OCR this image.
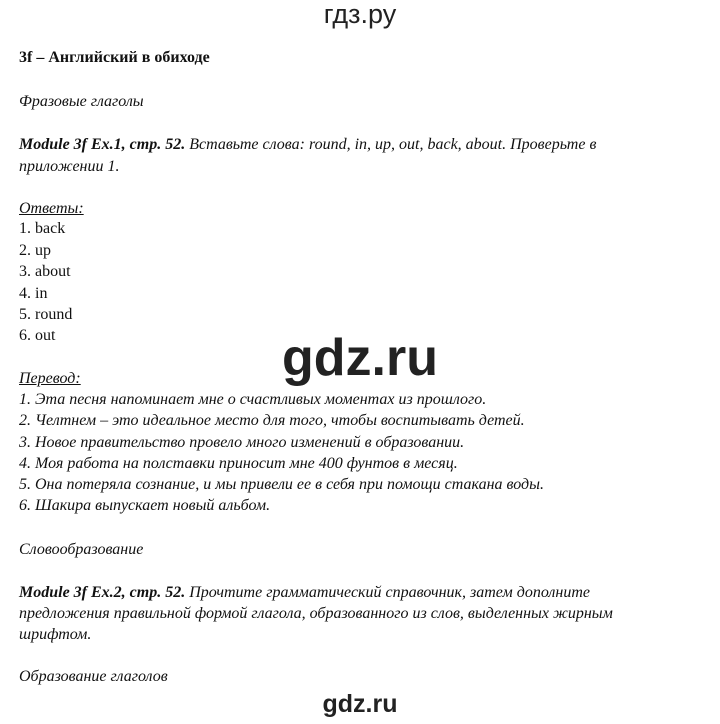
гдз.ру
3f – Английский в обиходе
Фразовые глаголы
Module 3f Ex.1, стр. 52. Вставьте слова: round, in, up, out, back, about. Проверьте в
приложении 1.
Ответы:
1. back
2. up
3. about
4. in
5. round
6. out	gdz.ru
Перевод:
1. Эта песня напоминает мне о счастливых моментах из прошлого.
2. Челтнем – это идеальное место для того, чтобы воспитывать детей.
3. Новое правительство провело много изменений в образовании.
4. Моя работа на полставки приносит мне 400 фунтов в месяц.
5. Она потеряла сознание, и мы привели ее в себя при помощи стакана воды.
6. Шакира выпускает новый альбом.
Словообразование
Module 3f Ex.2, стр. 52. Прочтите грамматический справочник, затем дополните
предложения правильной формой глагола, образованного из слов, выделенных жирным
шрифтом.
Образование глаголов
gdz.ru
